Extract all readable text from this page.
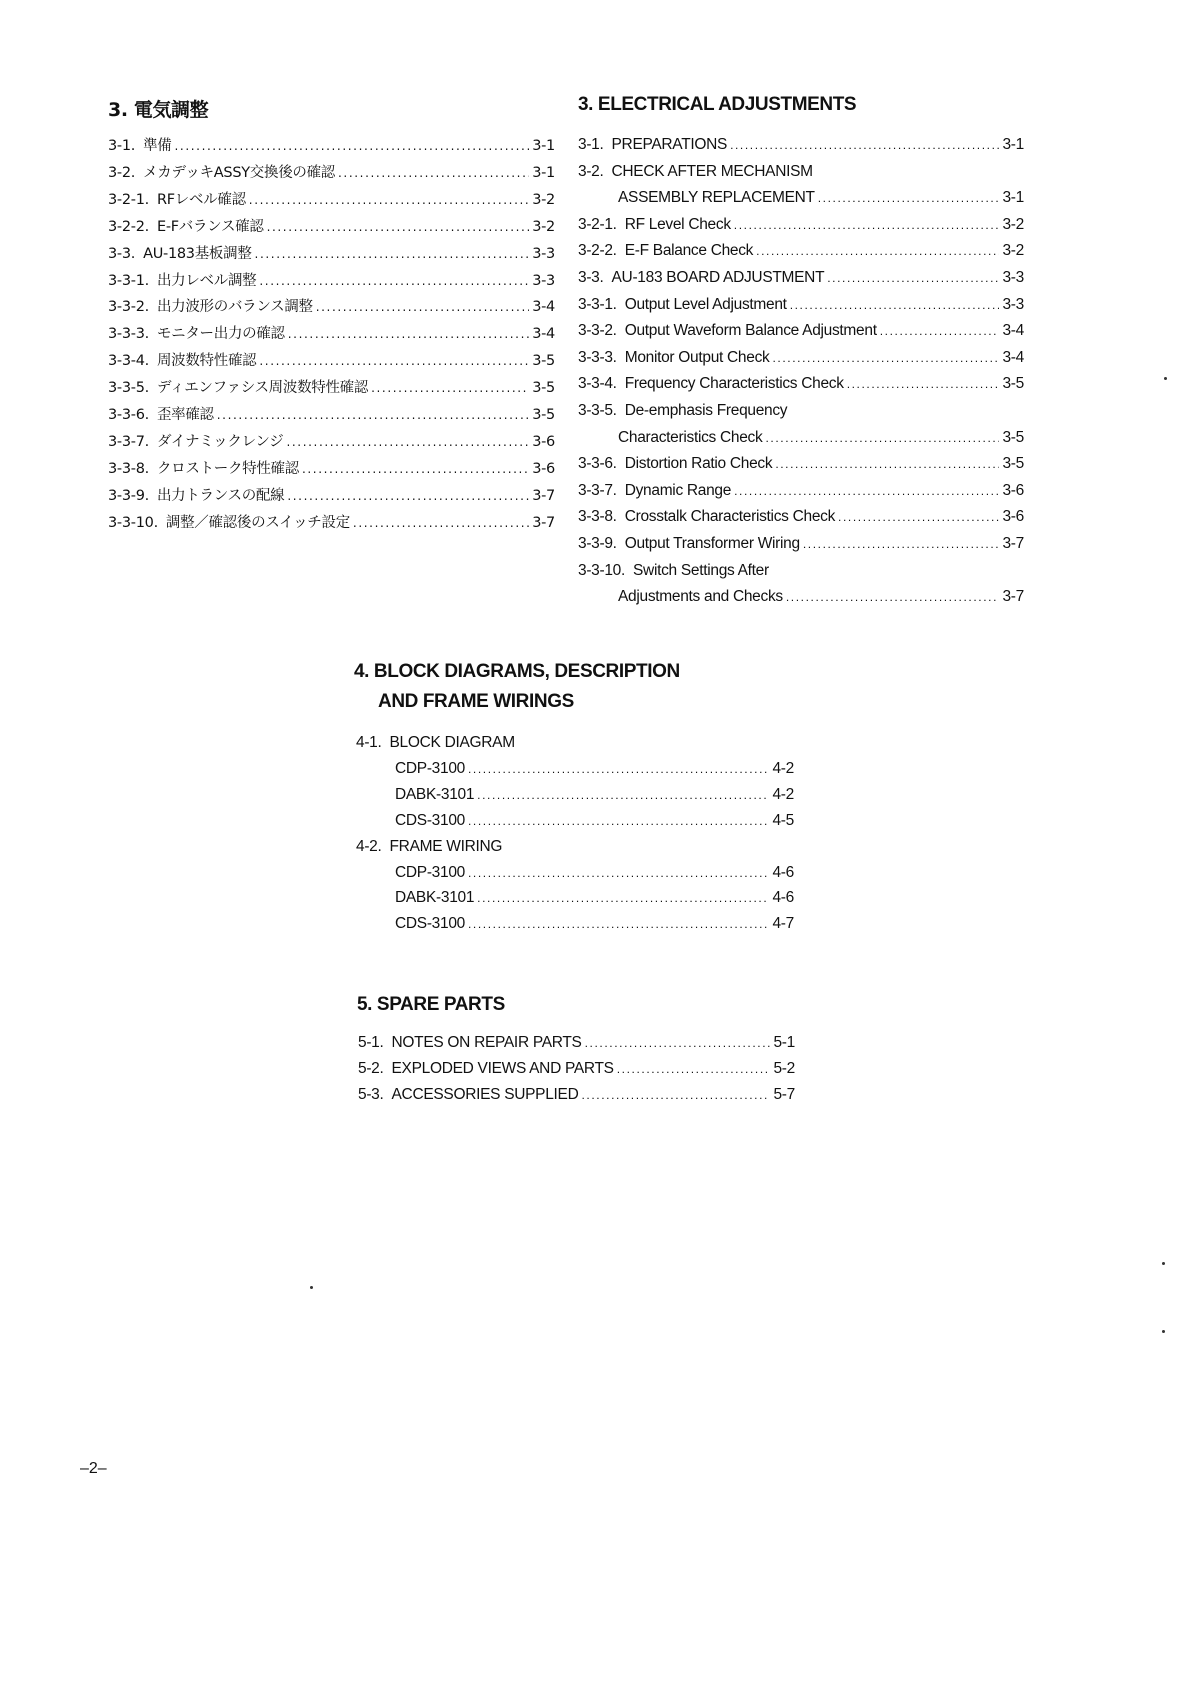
3. 電気調整
3-1. 準備 .....	3-1
3-2. メカデッキASSY交換後の確認 .....	3-1
3-2-1. RFレベル確認 .....	3-2
3-2-2. E-Fバランス確認 .....	3-2
3-3. AU-183基板調整 .....	3-3
3-3-1. 出力レベル調整 .....	3-3
3-3-2. 出力波形のバランス調整 .....	3-4
3-3-3. モニター出力の確認 .....	3-4
3-3-4. 周波数特性確認 .....	3-5
3-3-5. ディエンファシス周波数特性確認 .....	3-5
3-3-6. 歪率確認 .....	3-5
3-3-7. ダイナミックレンジ .....	3-6
3-3-8. クロストーク特性確認 .....	3-6
3-3-9. 出力トランスの配線 .....	3-7
3-3-10. 調整／確認後のスイッチ設定 .....	3-7
3. ELECTRICAL ADJUSTMENTS
3-1. PREPARATIONS .....	3-1
3-2. CHECK AFTER MECHANISM
ASSEMBLY REPLACEMENT .....	3-1
3-2-1. RF Level Check .....	3-2
3-2-2. E-F Balance Check .....	3-2
3-3. AU-183 BOARD ADJUSTMENT .....	3-3
3-3-1. Output Level Adjustment .....	3-3
3-3-2. Output Waveform Balance Adjustment .....	3-4
3-3-3. Monitor Output Check .....	3-4
3-3-4. Frequency Characteristics Check .....	3-5
3-3-5. De-emphasis Frequency
Characteristics Check .....	3-5
3-3-6. Distortion Ratio Check .....	3-5
3-3-7. Dynamic Range .....	3-6
3-3-8. Crosstalk Characteristics Check .....	3-6
3-3-9. Output Transformer Wiring .....	3-7
3-3-10. Switch Settings After
Adjustments and Checks .....	3-7
4. BLOCK DIAGRAMS, DESCRIPTION
AND FRAME WIRINGS
4-1. BLOCK DIAGRAM
CDP-3100 .....	4-2
DABK-3101 .....	4-2
CDS-3100 .....	4-5
4-2. FRAME WIRING
CDP-3100 .....	4-6
DABK-3101 .....	4-6
CDS-3100 .....	4-7
5. SPARE PARTS
5-1. NOTES ON REPAIR PARTS .....	5-1
5-2. EXPLODED VIEWS AND PARTS .....	5-2
5-3. ACCESSORIES SUPPLIED .....	5-7
–2–
